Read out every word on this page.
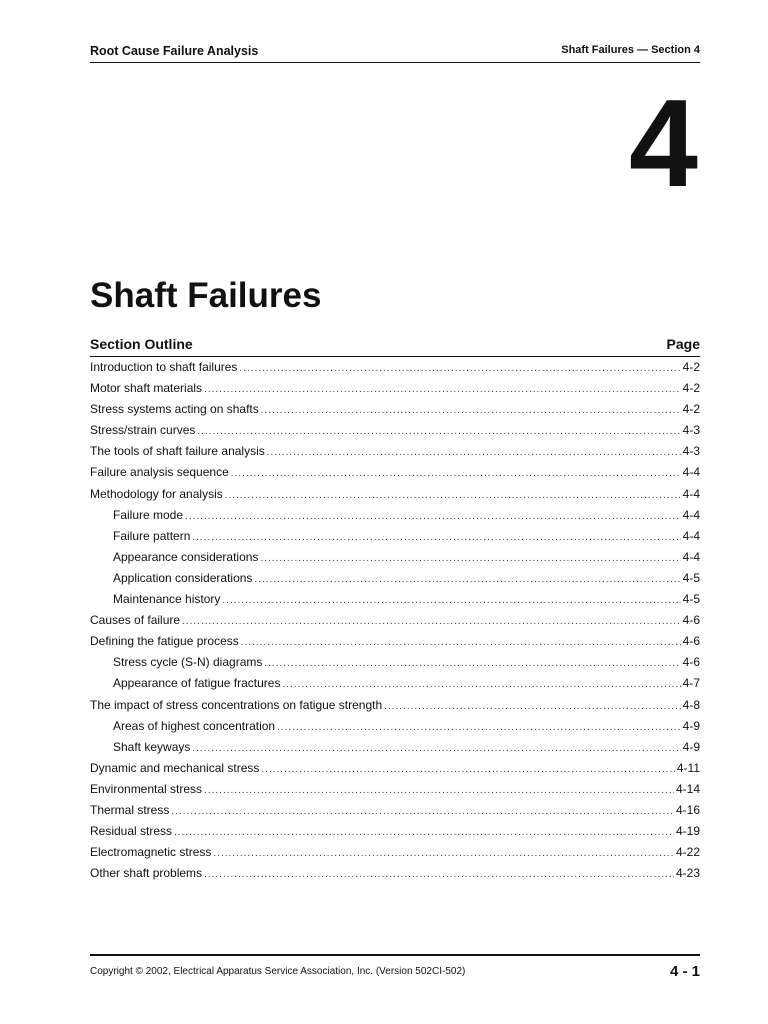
Root Cause Failure Analysis	Shaft Failures — Section 4
4
Shaft Failures
Section Outline	Page
Introduction to shaft failures .....	4-2
Motor shaft materials .....	4-2
Stress systems acting on shafts .....	4-2
Stress/strain curves .....	4-3
The tools of shaft failure analysis .....	4-3
Failure analysis sequence .....	4-4
Methodology for analysis .....	4-4
Failure mode .....	4-4
Failure pattern .....	4-4
Appearance considerations .....	4-4
Application considerations .....	4-5
Maintenance history .....	4-5
Causes of failure .....	4-6
Defining the fatigue process .....	4-6
Stress cycle (S-N) diagrams .....	4-6
Appearance of fatigue fractures .....	4-7
The impact of stress concentrations on fatigue strength .....	4-8
Areas of highest concentration .....	4-9
Shaft keyways .....	4-9
Dynamic and mechanical stress .....	4-11
Environmental stress .....	4-14
Thermal stress .....	4-16
Residual stress .....	4-19
Electromagnetic stress .....	4-22
Other shaft problems .....	4-23
Copyright © 2002, Electrical Apparatus Service Association, Inc. (Version 502CI-502)	4 - 1
